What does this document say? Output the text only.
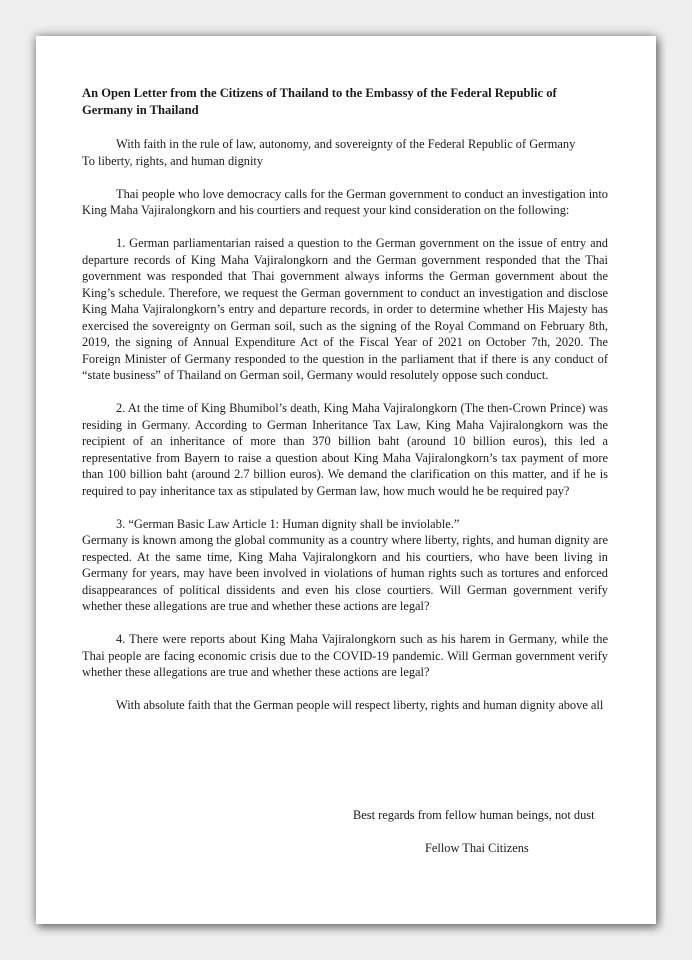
An Open Letter from the Citizens of Thailand to the Embassy of the Federal Republic of Germany in Thailand

With faith in the rule of law, autonomy, and sovereignty of the Federal Republic of Germany
To liberty, rights, and human dignity

Thai people who love democracy calls for the German government to conduct an investigation into King Maha Vajiralongkorn and his courtiers and request your kind consideration on the following:

1. German parliamentarian raised a question to the German government on the issue of entry and departure records of King Maha Vajiralongkorn and the German government responded that the Thai government was responded that Thai government always informs the German government about the King’s schedule. Therefore, we request the German government to conduct an investigation and disclose King Maha Vajiralongkorn’s entry and departure records, in order to determine whether His Majesty has exercised the sovereignty on German soil, such as the signing of the Royal Command on February 8th, 2019, the signing of Annual Expenditure Act of the Fiscal Year of 2021 on October 7th, 2020. The Foreign Minister of Germany responded to the question in the parliament that if there is any conduct of “state business” of Thailand on German soil, Germany would resolutely oppose such conduct.

2. At the time of King Bhumibol’s death, King Maha Vajiralongkorn (The then-Crown Prince) was residing in Germany. According to German Inheritance Tax Law, King Maha Vajiralongkorn was the recipient of an inheritance of more than 370 billion baht (around 10 billion euros), this led a representative from Bayern to raise a question about King Maha Vajiralongkorn’s tax payment of more than 100 billion baht (around 2.7 billion euros). We demand the clarification on this matter, and if he is required to pay inheritance tax as stipulated by German law, how much would he be required pay?

3. “German Basic Law Article 1: Human dignity shall be inviolable.”
Germany is known among the global community as a country where liberty, rights, and human dignity are respected. At the same time, King Maha Vajiralongkorn and his courtiers, who have been living in Germany for years, may have been involved in violations of human rights such as tortures and enforced disappearances of political dissidents and even his close courtiers. Will German government verify whether these allegations are true and whether these actions are legal?

4. There were reports about King Maha Vajiralongkorn such as his harem in Germany, while the Thai people are facing economic crisis due to the COVID-19 pandemic. Will German government verify whether these allegations are true and whether these actions are legal?

With absolute faith that the German people will respect liberty, rights and human dignity above all

Best regards from fellow human beings, not dust
Fellow Thai Citizens
